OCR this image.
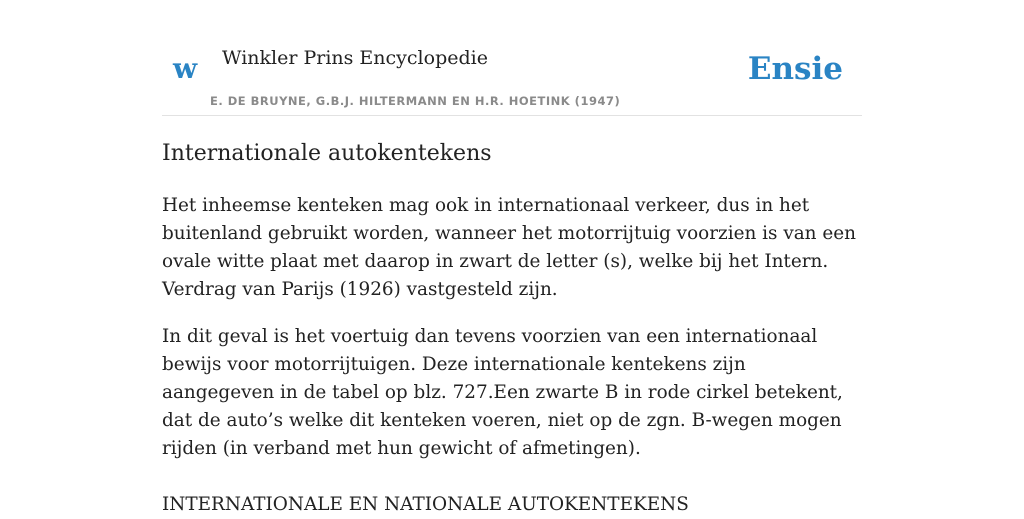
w Winkler Prins Encyclopedie
E. DE BRUYNE, G.B.J. HILTERMANN EN H.R. HOETINK (1947)
Ensie
Internationale autokentekens

Het inheemse kenteken mag ook in internationaal verkeer, dus in het buitenland gebruikt worden, wanneer het motorrijtuig voorzien is van een ovale witte plaat met daarop in zwart de letter (s), welke bij het Intern. Verdrag van Parijs (1926) vastgesteld zijn.

In dit geval is het voertuig dan tevens voorzien van een internationaal bewijs voor motorrijtuigen. Deze internationale kentekens zijn aangegeven in de tabel op blz. 727.Een zwarte B in rode cirkel betekent, dat de auto’s welke dit kenteken voeren, niet op de zgn. B-wegen mogen rijden (in verband met hun gewicht of afmetingen).

INTERNATIONALE EN NATIONALE AUTOKENTEKENS
